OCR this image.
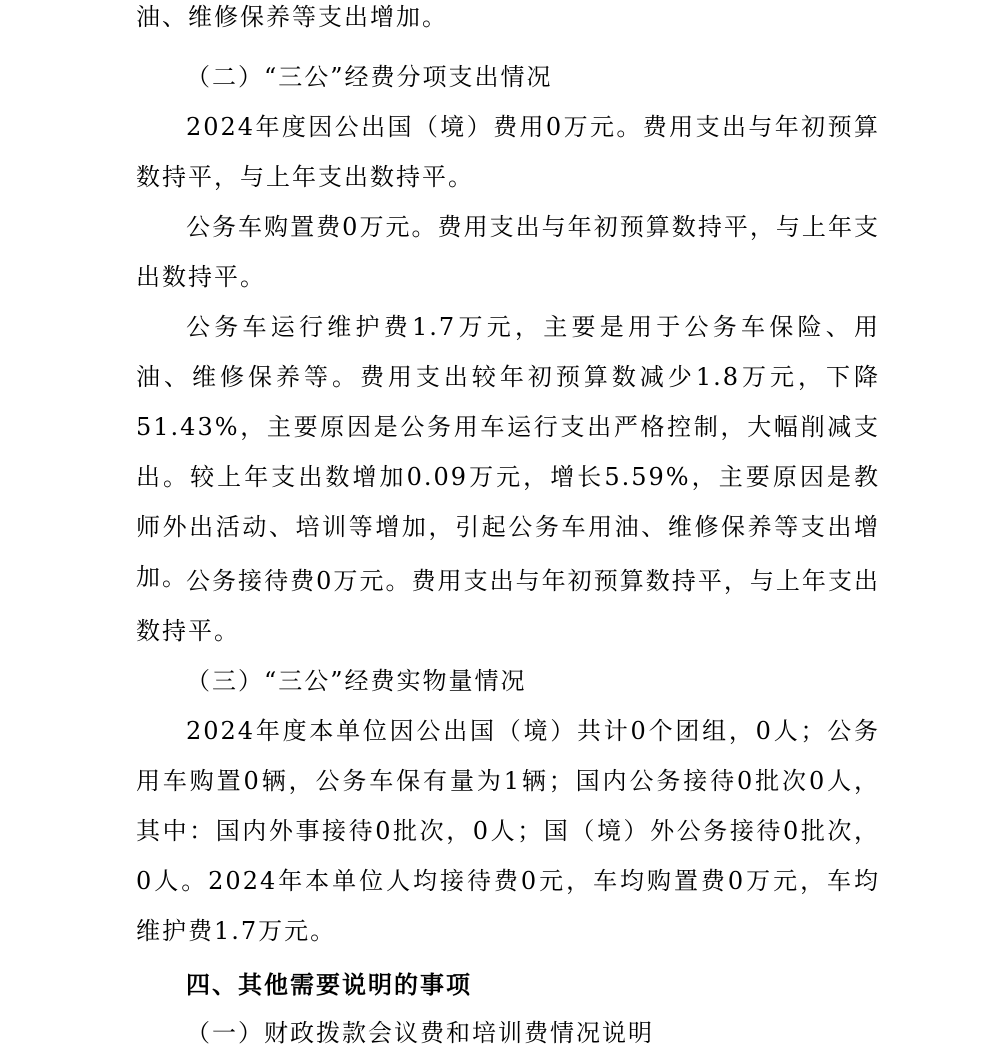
油、维修保养等支出增加。

（二）“三公”经费分项支出情况

2024年度因公出国（境）费用0万元。费用支出与年初预算数持平，与上年支出数持平。

公务车购置费0万元。费用支出与年初预算数持平，与上年支出数持平。

公务车运行维护费1.7万元，主要是用于公务车保险、用油、维修保养等。费用支出较年初预算数减少1.8万元，下降51.43%，主要原因是公务用车运行支出严格控制，大幅削减支出。较上年支出数增加0.09万元，增长5.59%，主要原因是教师外出活动、培训等增加，引起公务车用油、维修保养等支出增加。

公务接待费0万元。费用支出与年初预算数持平，与上年支出数持平。

（三）“三公”经费实物量情况

2024年度本单位因公出国（境）共计0个团组，0人；公务用车购置0辆，公务车保有量为1辆；国内公务接待0批次0人，其中：国内外事接待0批次，0人；国（境）外公务接待0批次，0人。2024年本单位人均接待费0元，车均购置费0万元，车均维护费1.7万元。

四、其他需要说明的事项

（一）财政拨款会议费和培训费情况说明
